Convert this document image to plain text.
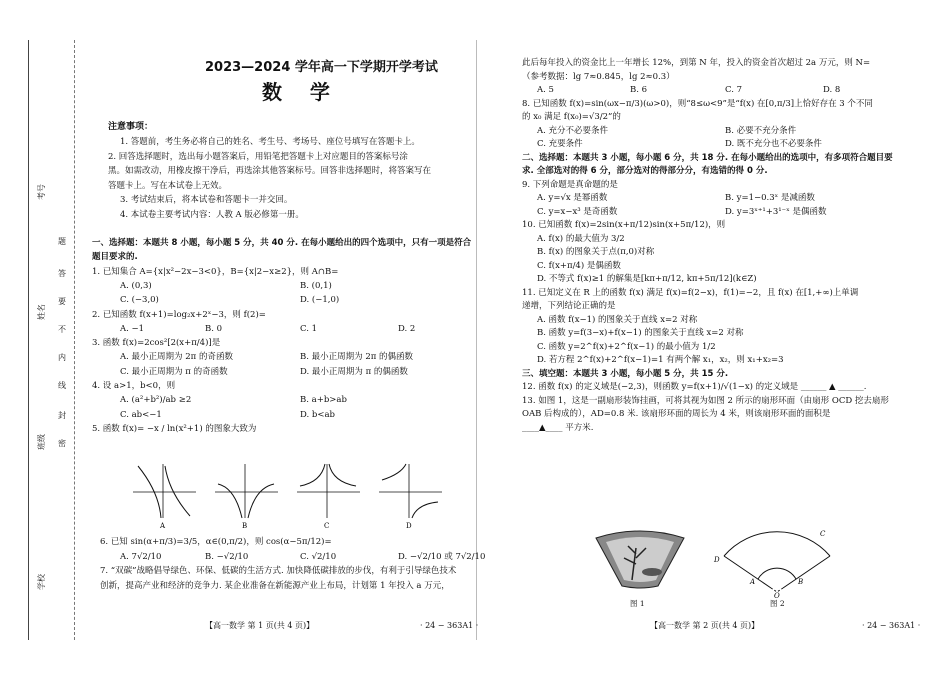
考号
姓名
班级
学校
题
答
要
不
内
线
封
密
2023—2024 学年高一下学期开学考试
数    学
注意事项：
1. 答题前，考生务必将自己的姓名、考生号、考场号、座位号填写在答题卡上。
2. 回答选择题时，选出每小题答案后，用铅笔把答题卡上对应题目的答案标号涂
黑。如需改动，用橡皮擦干净后，再选涂其他答案标号。回答非选择题时，将答案写在
答题卡上。写在本试卷上无效。
3. 考试结束后，将本试卷和答题卡一并交回。
4. 本试卷主要考试内容：人教 A 版必修第一册。
一、选择题：本题共 8 小题，每小题 5 分，共 40 分. 在每小题给出的四个选项中，只有一项是符合
题目要求的.
1. 已知集合 A={x|x²−2x−3<0}，B={x|2−x≥2}，则 A∩B=
A. (0,3)	B. (0,1)
C. (−3,0)	D. (−1,0)
2. 已知函数 f(x+1)=log₂x+2ˣ−3，则 f(2)=
A. −1	B. 0	C. 1	D. 2
3. 函数 f(x)=2cos²[2(x+π/4)]是
A. 最小正周期为 2π 的奇函数	B. 最小正周期为 2π 的偶函数
C. 最小正周期为 π 的奇函数	D. 最小正周期为 π 的偶函数
4. 设 a>1，b<0，则
A. (a²+b²)/ab ≥2	B. a+b>ab
C. ab<−1	D. b<ab
5. 函数 f(x)= −x / ln(x²+1) 的图象大致为
A	B	C	D
6. 已知 sin(α+π/3)=3/5，α∈(0,π/2)，则 cos(α−5π/12)=
A. 7√2/10	B. −√2/10	C. √2/10	D. −√2/10 或 7√2/10
7. “双碳”战略倡导绿色、环保、低碳的生活方式. 加快降低碳排放的步伐，有利于引导绿色技术
创新，提高产业和经济的竞争力. 某企业准备在新能源产业上布局，计划第 1 年投入 a 万元，
【高一数学 第 1 页(共 4 页)】	· 24 − 363A1 ·
此后每年投入的资金比上一年增长 12%，到第 N 年，投入的资金首次超过 2a 万元，则 N=
（参考数据：lg 7≈0.845，lg 2≈0.3）
A. 5	B. 6	C. 7	D. 8
8. 已知函数 f(x)=sin(ωx−π/3)(ω>0)，则“8≤ω<9”是“f(x) 在[0,π/3]上恰好存在 3 个不同
的 x₀ 满足 f(x₀)=√3/2”的
A. 充分不必要条件	B. 必要不充分条件
C. 充要条件	D. 既不充分也不必要条件
二、选择题：本题共 3 小题，每小题 6 分，共 18 分. 在每小题给出的选项中，有多项符合题目要
求. 全部选对的得 6 分，部分选对的得部分分，有选错的得 0 分.
9. 下列命题是真命题的是
A. y=√x 是幂函数	B. y=1−0.3ˣ 是减函数
C. y=x−x³ 是奇函数	D. y=3ˣ⁺¹+3¹⁻ˣ 是偶函数
10. 已知函数 f(x)=2sin(x+π/12)sin(x+5π/12)，则
A. f(x) 的最大值为 3/2
B. f(x) 的图象关于点(π,0)对称
C. f(x+π/4) 是偶函数
D. 不等式 f(x)≥1 的解集是[kπ+π/12, kπ+5π/12](k∈Z)
11. 已知定义在 R 上的函数 f(x) 满足 f(x)=f(2−x)，f(1)=−2，且 f(x) 在[1,+∞)上单调
递增，下列结论正确的是
A. 函数 f(x−1) 的图象关于直线 x=2 对称
B. 函数 y=f(3−x)+f(x−1) 的图象关于直线 x=2 对称
C. 函数 y=2^f(x)+2^f(x−1) 的最小值为 1/2
D. 若方程 2^f(x)+2^f(x−1)=1 有两个解 x₁，x₂，则 x₁+x₂=3
三、填空题：本题共 3 小题，每小题 5 分，共 15 分.
12. 函数 f(x) 的定义域是(−2,3)，则函数 y=f(x+1)/√(1−x) 的定义域是 ______ ▲ ______.
13. 如图 1，这是一副扇形装饰挂画，可将其视为如图 2 所示的扇形环面（由扇形 OCD 挖去扇形
OAB 后构成的），AD=0.8 米. 该扇形环面的周长为 4 米，则该扇形环面的面积是
____▲____ 平方米.
图 1
C
D
A	B
O
图 2
【高一数学 第 2 页(共 4 页)】	· 24 − 363A1 ·
